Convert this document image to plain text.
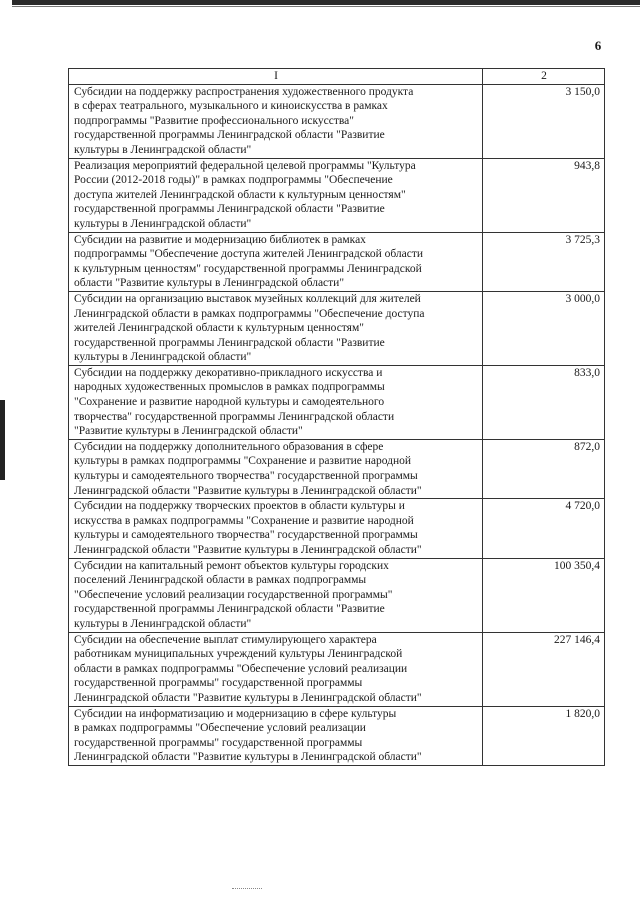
6
I	2
Субсидии на поддержку распространения художественного продукта
в сферах театрального, музыкального и киноискусства в рамках
подпрограммы "Развитие профессионального искусства"
государственной программы Ленинградской области "Развитие
культуры в Ленинградской области"	3 150,0
Реализация мероприятий федеральной целевой программы "Культура
России (2012-2018 годы)" в рамках подпрограммы "Обеспечение
доступа жителей Ленинградской области к культурным ценностям"
государственной программы Ленинградской области "Развитие
культуры в Ленинградской области"	943,8
Субсидии на развитие и модернизацию библиотек в рамках
подпрограммы "Обеспечение доступа жителей Ленинградской области
к культурным ценностям" государственной программы Ленинградской
области "Развитие культуры в Ленинградской области"	3 725,3
Субсидии на организацию выставок музейных коллекций для жителей
Ленинградской области в рамках подпрограммы "Обеспечение доступа
жителей Ленинградской области к культурным ценностям"
государственной программы Ленинградской области "Развитие
культуры в Ленинградской области"	3 000,0
Субсидии на поддержку декоративно-прикладного искусства и
народных художественных промыслов в рамках подпрограммы
"Сохранение и развитие народной культуры и самодеятельного
творчества" государственной программы Ленинградской области
"Развитие культуры в Ленинградской области"	833,0
Субсидии на поддержку дополнительного образования в сфере
культуры в рамках подпрограммы "Сохранение и развитие народной
культуры и самодеятельного творчества" государственной программы
Ленинградской области "Развитие культуры в Ленинградской области"	872,0
Субсидии на поддержку творческих проектов в области культуры и
искусства в рамках подпрограммы "Сохранение и развитие народной
культуры и самодеятельного творчества" государственной программы
Ленинградской области "Развитие культуры в Ленинградской области"	4 720,0
Субсидии на капитальный ремонт объектов культуры городских
поселений Ленинградской области в рамках подпрограммы
"Обеспечение условий реализации государственной программы"
государственной программы Ленинградской области "Развитие
культуры в Ленинградской области"	100 350,4
Субсидии на обеспечение выплат стимулирующего характера
работникам муниципальных учреждений культуры Ленинградской
области в рамках подпрограммы "Обеспечение условий реализации
государственной программы" государственной программы
Ленинградской области "Развитие культуры в Ленинградской области"	227 146,4
Субсидии на информатизацию и модернизацию в сфере культуры
в рамках подпрограммы "Обеспечение условий реализации
государственной программы" государственной программы
Ленинградской области "Развитие культуры в Ленинградской области"	1 820,0
